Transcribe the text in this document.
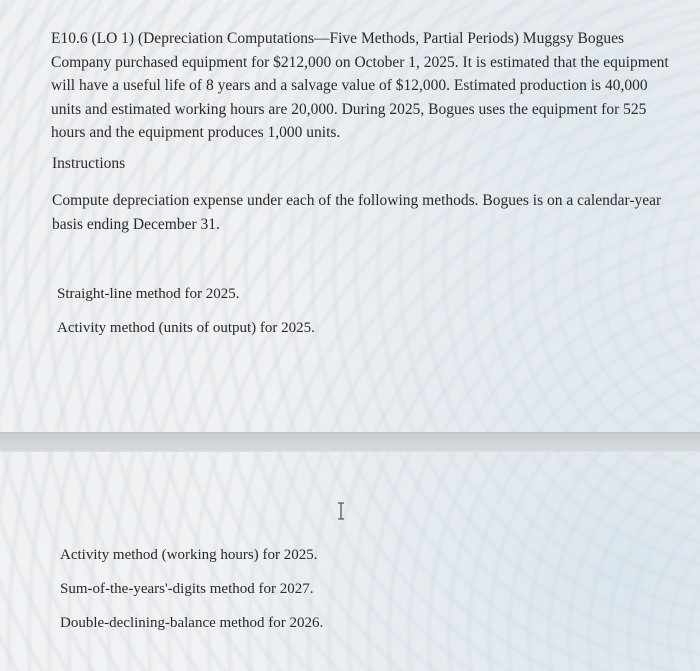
E10.6 (LO 1) (Depreciation Computations—Five Methods, Partial Periods) Muggsy Bogues Company purchased equipment for $212,000 on October 1, 2025. It is estimated that the equipment will have a useful life of 8 years and a salvage value of $12,000. Estimated production is 40,000 units and estimated working hours are 20,000. During 2025, Bogues uses the equipment for 525 hours and the equipment produces 1,000 units.

Instructions

Compute depreciation expense under each of the following methods. Bogues is on a calendar-year basis ending December 31.

Straight-line method for 2025.
Activity method (units of output) for 2025.
Activity method (working hours) for 2025.
Sum-of-the-years'-digits method for 2027.
Double-declining-balance method for 2026.
